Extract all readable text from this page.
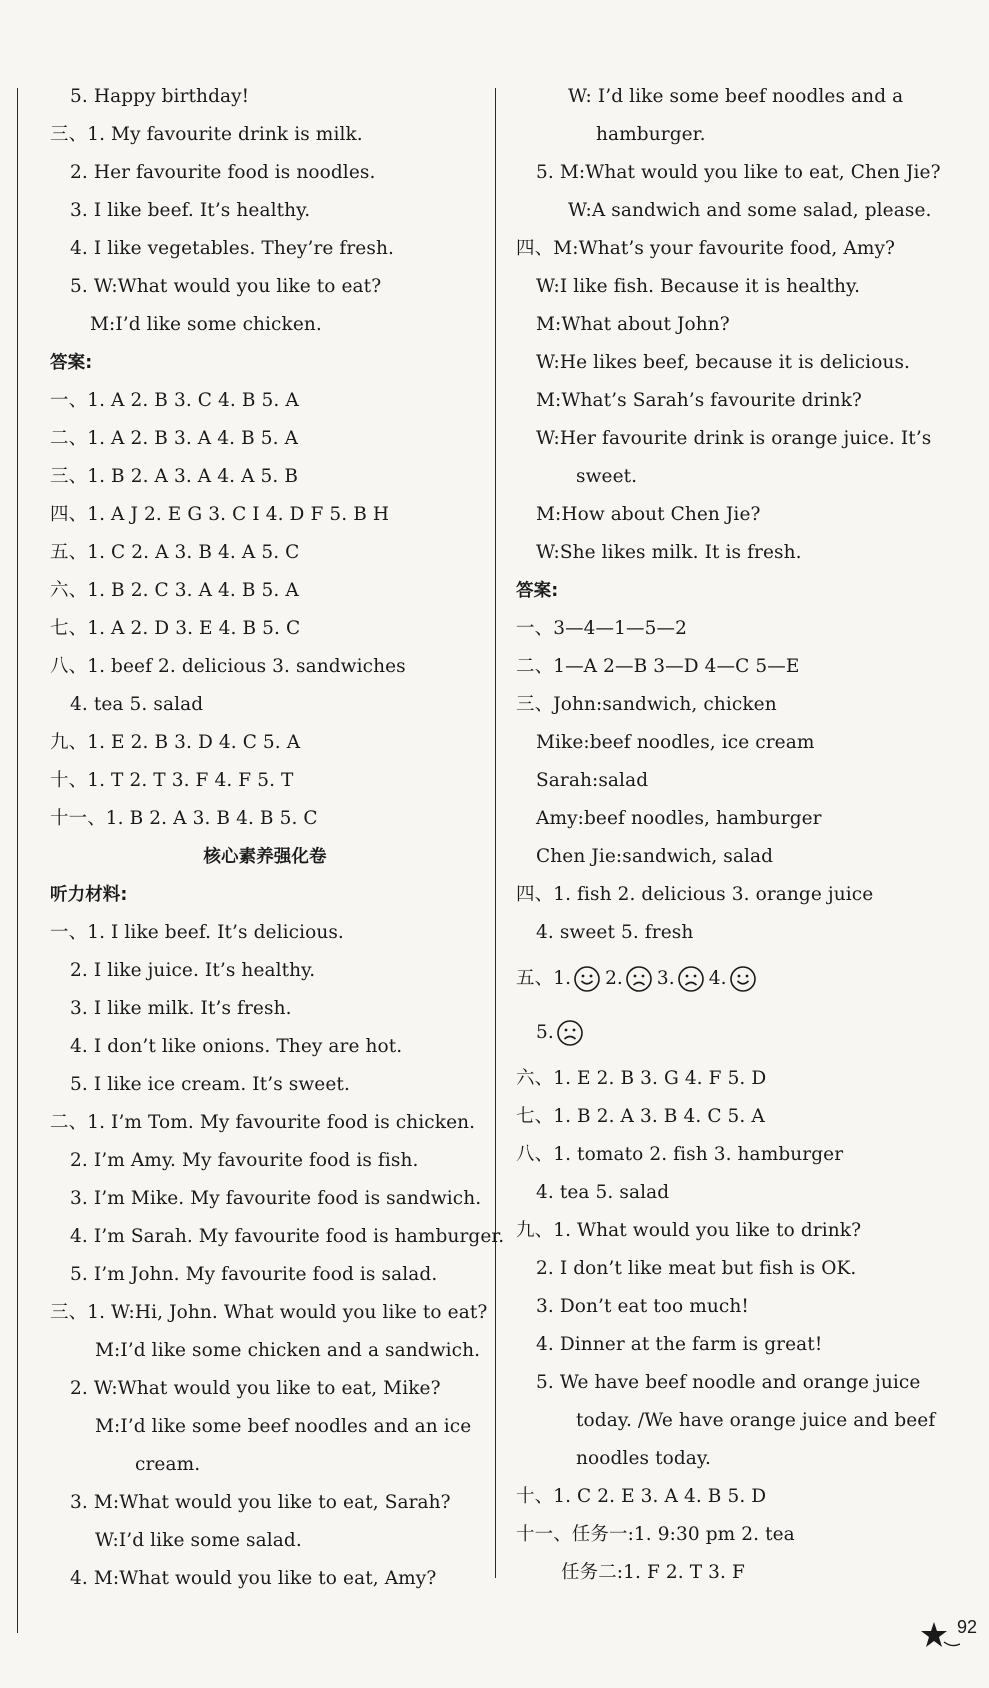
5. Happy birthday!
三、1. My favourite drink is milk.
2. Her favourite food is noodles.
3. I like beef. It’s healthy.
4. I like vegetables. They’re fresh.
5. W:What would you like to eat?
M:I’d like some chicken.
答案:
一、1. A 2. B 3. C 4. B 5. A
二、1. A 2. B 3. A 4. B 5. A
三、1. B 2. A 3. A 4. A 5. B
四、1. A J 2. E G 3. C I 4. D F 5. B H
五、1. C 2. A 3. B 4. A 5. C
六、1. B 2. C 3. A 4. B 5. A
七、1. A 2. D 3. E 4. B 5. C
八、1. beef 2. delicious 3. sandwiches
4. tea 5. salad
九、1. E 2. B 3. D 4. C 5. A
十、1. T 2. T 3. F 4. F 5. T
十一、1. B 2. A 3. B 4. B 5. C
核心素养强化卷
听力材料:
一、1. I like beef. It’s delicious.
2. I like juice. It’s healthy.
3. I like milk. It’s fresh.
4. I don’t like onions. They are hot.
5. I like ice cream. It’s sweet.
二、1. I’m Tom. My favourite food is chicken.
2. I’m Amy. My favourite food is fish.
3. I’m Mike. My favourite food is sandwich.
4. I’m Sarah. My favourite food is hamburger.
5. I’m John. My favourite food is salad.
三、1. W:Hi, John. What would you like to eat?
M:I’d like some chicken and a sandwich.
2. W:What would you like to eat, Mike?
M:I’d like some beef noodles and an ice
cream.
3. M:What would you like to eat, Sarah?
W:I’d like some salad.
4. M:What would you like to eat, Amy?
W: I’d like some beef noodles and a
hamburger.
5. M:What would you like to eat, Chen Jie?
W:A sandwich and some salad, please.
四、M:What’s your favourite food, Amy?
W:I like fish. Because it is healthy.
M:What about John?
W:He likes beef, because it is delicious.
M:What’s Sarah’s favourite drink?
W:Her favourite drink is orange juice. It’s
sweet.
M:How about Chen Jie?
W:She likes milk. It is fresh.
答案:
一、3—4—1—5—2
二、1—A 2—B 3—D 4—C 5—E
三、John:sandwich, chicken
Mike:beef noodles, ice cream
Sarah:salad
Amy:beef noodles, hamburger
Chen Jie:sandwich, salad
四、1. fish 2. delicious 3. orange juice
4. sweet 5. fresh
五、1. 2. 3. 4.
5.
六、1. E 2. B 3. G 4. F 5. D
七、1. B 2. A 3. B 4. C 5. A
八、1. tomato 2. fish 3. hamburger
4. tea 5. salad
九、1. What would you like to drink?
2. I don’t like meat but fish is OK.
3. Don’t eat too much!
4. Dinner at the farm is great!
5. We have beef noodle and orange juice
today. /We have orange juice and beef
noodles today.
十、1. C 2. E 3. A 4. B 5. D
十一、任务一:1. 9:30 pm 2. tea
任务二:1. F 2. T 3. F
92
